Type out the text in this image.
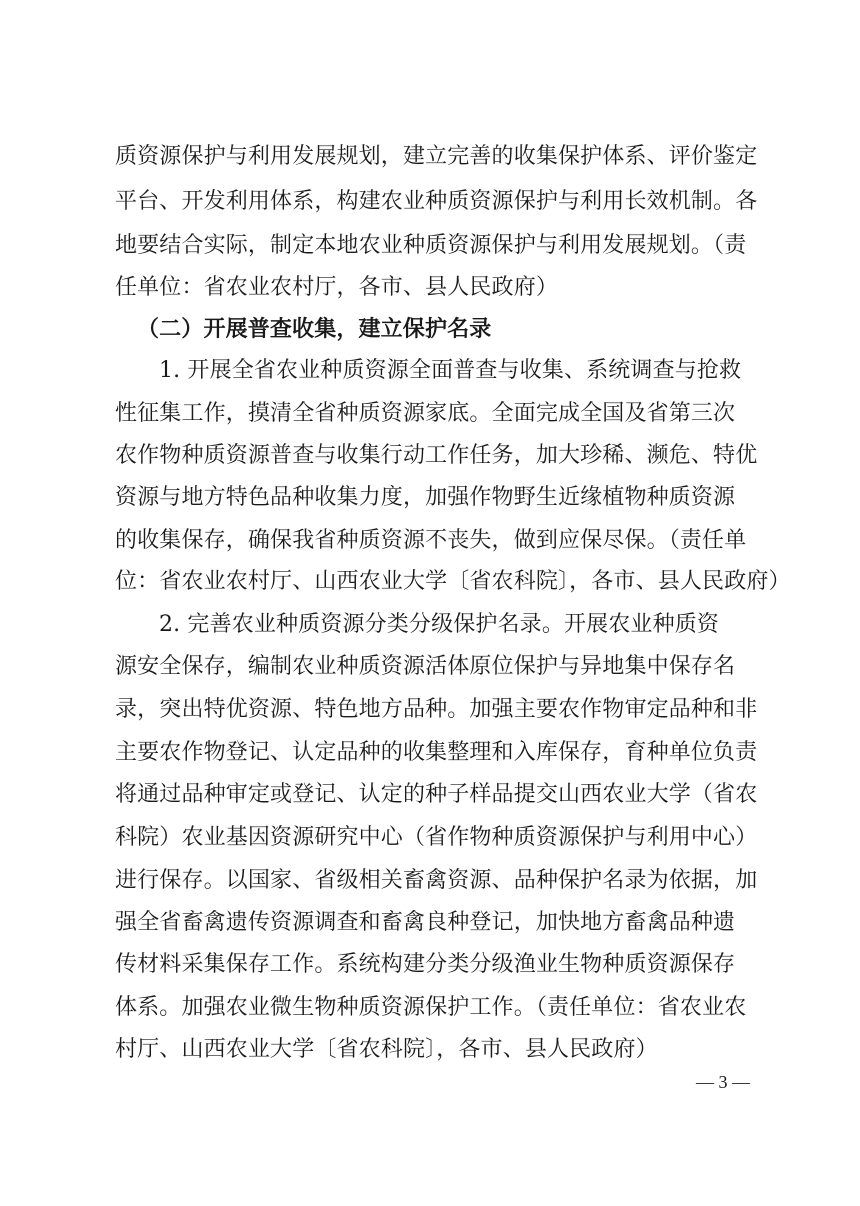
质资源保护与利用发展规划，建立完善的收集保护体系、评价鉴定
平台、开发利用体系，构建农业种质资源保护与利用长效机制。各
地要结合实际，制定本地农业种质资源保护与利用发展规划。（责
任单位：省农业农村厅，各市、县人民政府）
（二）开展普查收集，建立保护名录
1. 开展全省农业种质资源全面普查与收集、系统调查与抢救
性征集工作，摸清全省种质资源家底。全面完成全国及省第三次
农作物种质资源普查与收集行动工作任务，加大珍稀、濒危、特优
资源与地方特色品种收集力度，加强作物野生近缘植物种质资源
的收集保存，确保我省种质资源不丧失，做到应保尽保。（责任单
位：省农业农村厅、山西农业大学〔省农科院〕，各市、县人民政府）
2. 完善农业种质资源分类分级保护名录。开展农业种质资
源安全保存，编制农业种质资源活体原位保护与异地集中保存名
录，突出特优资源、特色地方品种。加强主要农作物审定品种和非
主要农作物登记、认定品种的收集整理和入库保存，育种单位负责
将通过品种审定或登记、认定的种子样品提交山西农业大学（省农
科院）农业基因资源研究中心（省作物种质资源保护与利用中心）
进行保存。以国家、省级相关畜禽资源、品种保护名录为依据，加
强全省畜禽遗传资源调查和畜禽良种登记，加快地方畜禽品种遗
传材料采集保存工作。系统构建分类分级渔业生物种质资源保存
体系。加强农业微生物种质资源保护工作。（责任单位：省农业农
村厅、山西农业大学〔省农科院〕，各市、县人民政府）
— 3 —
